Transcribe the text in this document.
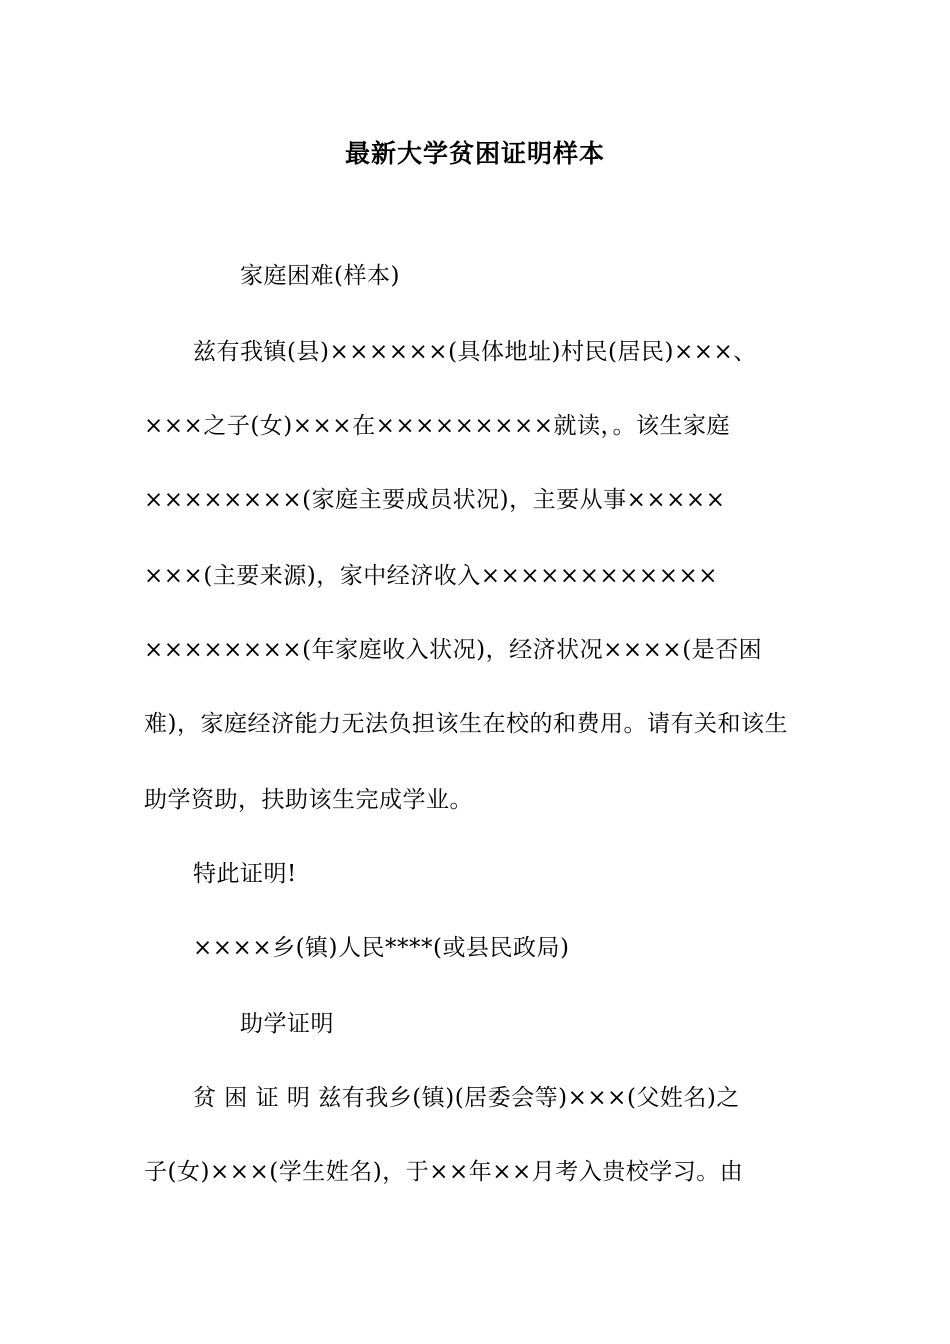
最新大学贫困证明样本

家庭困难(样本)

兹有我镇(县)××××××(具体地址)村民(居民)×××、

×××之子(女)×××在×××××××××就读，。该生家庭

××××××××(家庭主要成员状况)，主要从事×××××

×××(主要来源)，家中经济收入××××××××××××

××××××××(年家庭收入状况)，经济状况××××(是否困

难)，家庭经济能力无法负担该生在校的和费用。请有关和该生

助学资助，扶助该生完成学业。

特此证明!

××××乡(镇)人民****(或县民政局)

助学证明

贫 困 证 明 兹有我乡(镇)(居委会等)×××(父姓名)之

子(女)×××(学生姓名)，于××年××月考入贵校学习。由
